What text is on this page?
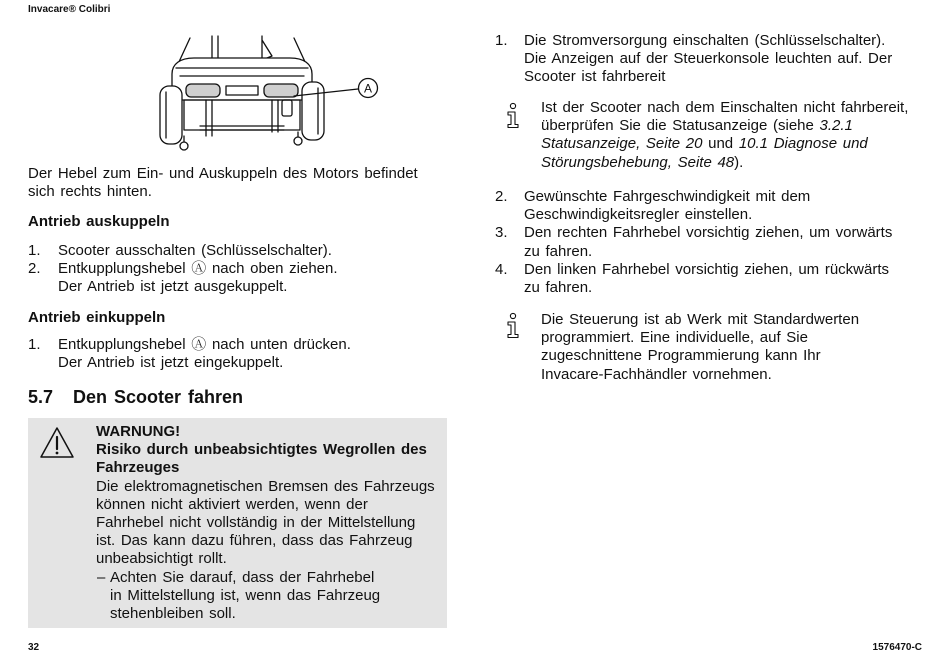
Invacare® Colibri
A
Der Hebel zum Ein- und Auskuppeln des Motors befindet
sich rechts hinten.
Antrieb auskuppeln
1.	Scooter ausschalten (Schlüsselschalter).
2.	Entkupplungshebel Ⓐ nach oben ziehen.
Der Antrieb ist jetzt ausgekuppelt.
Antrieb einkuppeln
1.	Entkupplungshebel Ⓐ nach unten drücken.
Der Antrieb ist jetzt eingekuppelt.
5.7 Den Scooter fahren
WARNUNG!
Risiko durch unbeabsichtigtes Wegrollen des
Fahrzeuges
Die elektromagnetischen Bremsen des Fahrzeugs
können nicht aktiviert werden, wenn der
Fahrhebel nicht vollständig in der Mittelstellung
ist. Das kann dazu führen, dass das Fahrzeug
unbeabsichtigt rollt.
– Achten Sie darauf, dass der Fahrhebel
in Mittelstellung ist, wenn das Fahrzeug
stehenbleiben soll.
1.	Die Stromversorgung einschalten (Schlüsselschalter).
Die Anzeigen auf der Steuerkonsole leuchten auf. Der
Scooter ist fahrbereit
Ist der Scooter nach dem Einschalten nicht fahrbereit,
überprüfen Sie die Statusanzeige (siehe 3.2.1
Statusanzeige, Seite 20 und 10.1 Diagnose und
Störungsbehebung, Seite 48).
2.	Gewünschte Fahrgeschwindigkeit mit dem
Geschwindigkeitsregler einstellen.
3.	Den rechten Fahrhebel vorsichtig ziehen, um vorwärts
zu fahren.
4.	Den linken Fahrhebel vorsichtig ziehen, um rückwärts
zu fahren.
Die Steuerung ist ab Werk mit Standardwerten
programmiert. Eine individuelle, auf Sie
zugeschnittene Programmierung kann Ihr
Invacare-Fachhändler vornehmen.
32	1576470-C
